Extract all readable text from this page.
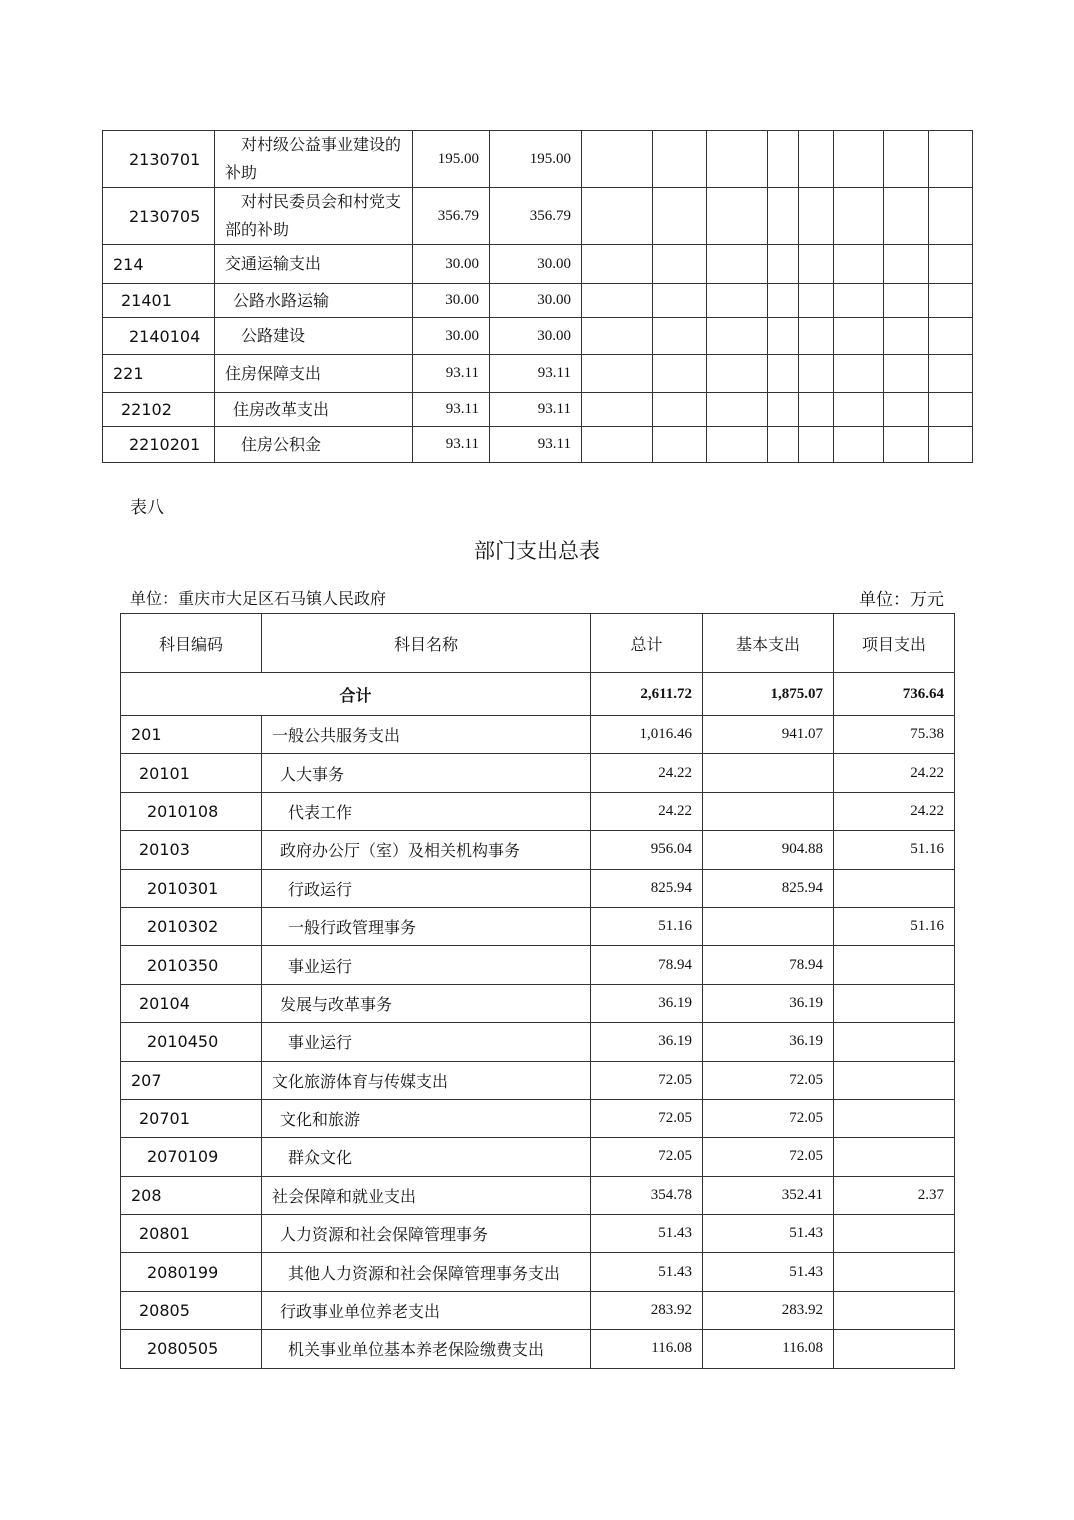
2130701	对村级公益事业建设的补助	195.00	195.00								
2130705	对村民委员会和村党支部的补助	356.79	356.79								
214	交通运输支出	30.00	30.00								
21401	公路水路运输	30.00	30.00								
2140104	公路建设	30.00	30.00								
221	住房保障支出	93.11	93.11								
22102	住房改革支出	93.11	93.11								
2210201	住房公积金	93.11	93.11								
表八
部门支出总表
单位：重庆市大足区石马镇人民政府	单位：万元
科目编码	科目名称	总计	基本支出	项目支出
合计		2,611.72	1,875.07	736.64
201	一般公共服务支出	1,016.46	941.07	75.38
20101	人大事务	24.22		24.22
2010108	代表工作	24.22		24.22
20103	政府办公厅（室）及相关机构事务	956.04	904.88	51.16
2010301	行政运行	825.94	825.94	
2010302	一般行政管理事务	51.16		51.16
2010350	事业运行	78.94	78.94	
20104	发展与改革事务	36.19	36.19	
2010450	事业运行	36.19	36.19	
207	文化旅游体育与传媒支出	72.05	72.05	
20701	文化和旅游	72.05	72.05	
2070109	群众文化	72.05	72.05	
208	社会保障和就业支出	354.78	352.41	2.37
20801	人力资源和社会保障管理事务	51.43	51.43	
2080199	其他人力资源和社会保障管理事务支出	51.43	51.43	
20805	行政事业单位养老支出	283.92	283.92	
2080505	机关事业单位基本养老保险缴费支出	116.08	116.08	
